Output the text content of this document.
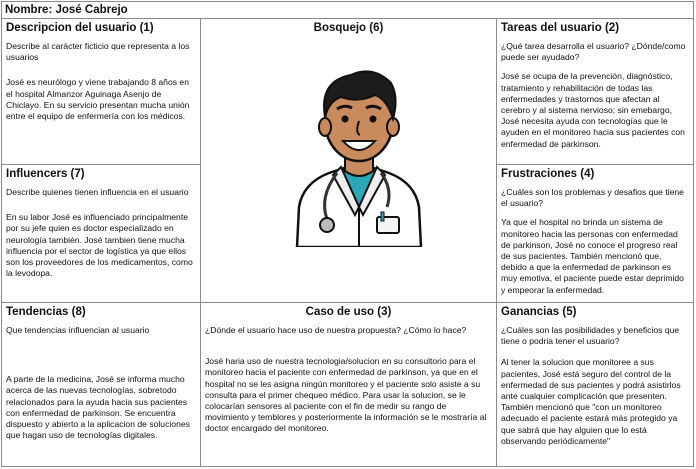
Nombre: José Cabrejo
Descripcion del usuario (1)

Describe al carácter ficticio que representa a los usuarios

José es neurólogo y viene trabajando 8 años en el hospital Almanzor Aguinaga Asenjo de Chiclayo. En su servicio presentan mucha unión entre el equipo de enfermería con los médicos.

Influencers (7)

Describe quienes tienen influencia en el usuario

En su labor José es influenciado principalmente por su jefe quien es doctor especializado en neurología también. José tambien tiene mucha influencia por el sector de logística ya que ellos son los proveedores de los medicamentos, como la levodopa.

Tendencias (8)

Que tendencias influencian al usuario

A parte de la medicina, José se informa mucho acerca de las nuevas tecnologías, sobretodo relacionados para la ayuda hacia sus pacientes con enfermedad de parkinson. Se encuentra dispuesto y abierto a la aplicacion de soluciones que hagan uso de tecnologías digitales.

Bosquejo (6)
Caso de uso (3)

¿Dónde el usuario hace uso de nuestra propuesta? ¿Cómo lo hace?

José haria uso de nuestra tecnologia/solucion en su consultorio para el monitoreo hacia el paciente con enfermedad de parkinson, ya que en el hospital no se les asigna ningún monitoreo y el paciente solo asiste a su consulta para el primer chequeo médico. Para usar la solucion, se le colocarían sensores al paciente con el fin de medir su rango de movimiento y temblores y posteriormente la información se le mostraría al doctor encargado del monitoreo.

Tareas del usuario (2)

¿Qué tarea desarrolla el usuario? ¿Dónde/como puede ser ayudado?

José se ocupa de la prevención, diagnóstico, tratamiento y rehabilitación de todas las enfermedades y trastornos que afectan al cerebro y al sistema nervioso; sin emebargo, José necesita ayuda con tecnologías que le ayuden en el monitoreo hacia sus pacientes con enfermedad de parkinson.

Frustraciones (4)

¿Cuáles son los problemas y desafios que tiene el usuario?

Ya que el hospital no brinda un sistema de monitoreo hacia las personas con enfermedad de parkinson, José no conoce el progreso real de sus pacientes. También mencionó que, debido a que la enfermedad de parkinson es muy emotiva, el paciente puede estar deprimido y empeorar la enfermedad.

Ganancias (5)

¿Cuáles son las posibilidades y beneficios que tiene o podria tener el usuario?

Al tener la solucion que monitoree a sus pacientes, José está seguro del control de la enfermedad de sus pacientes y podrá asistirlos ante cualquier complicación que presenten. También mencionó que "con un monitoreo adecuado el paciente estará más protegido ya que sabrá que hay alguien que lo está observando periódicamente"
